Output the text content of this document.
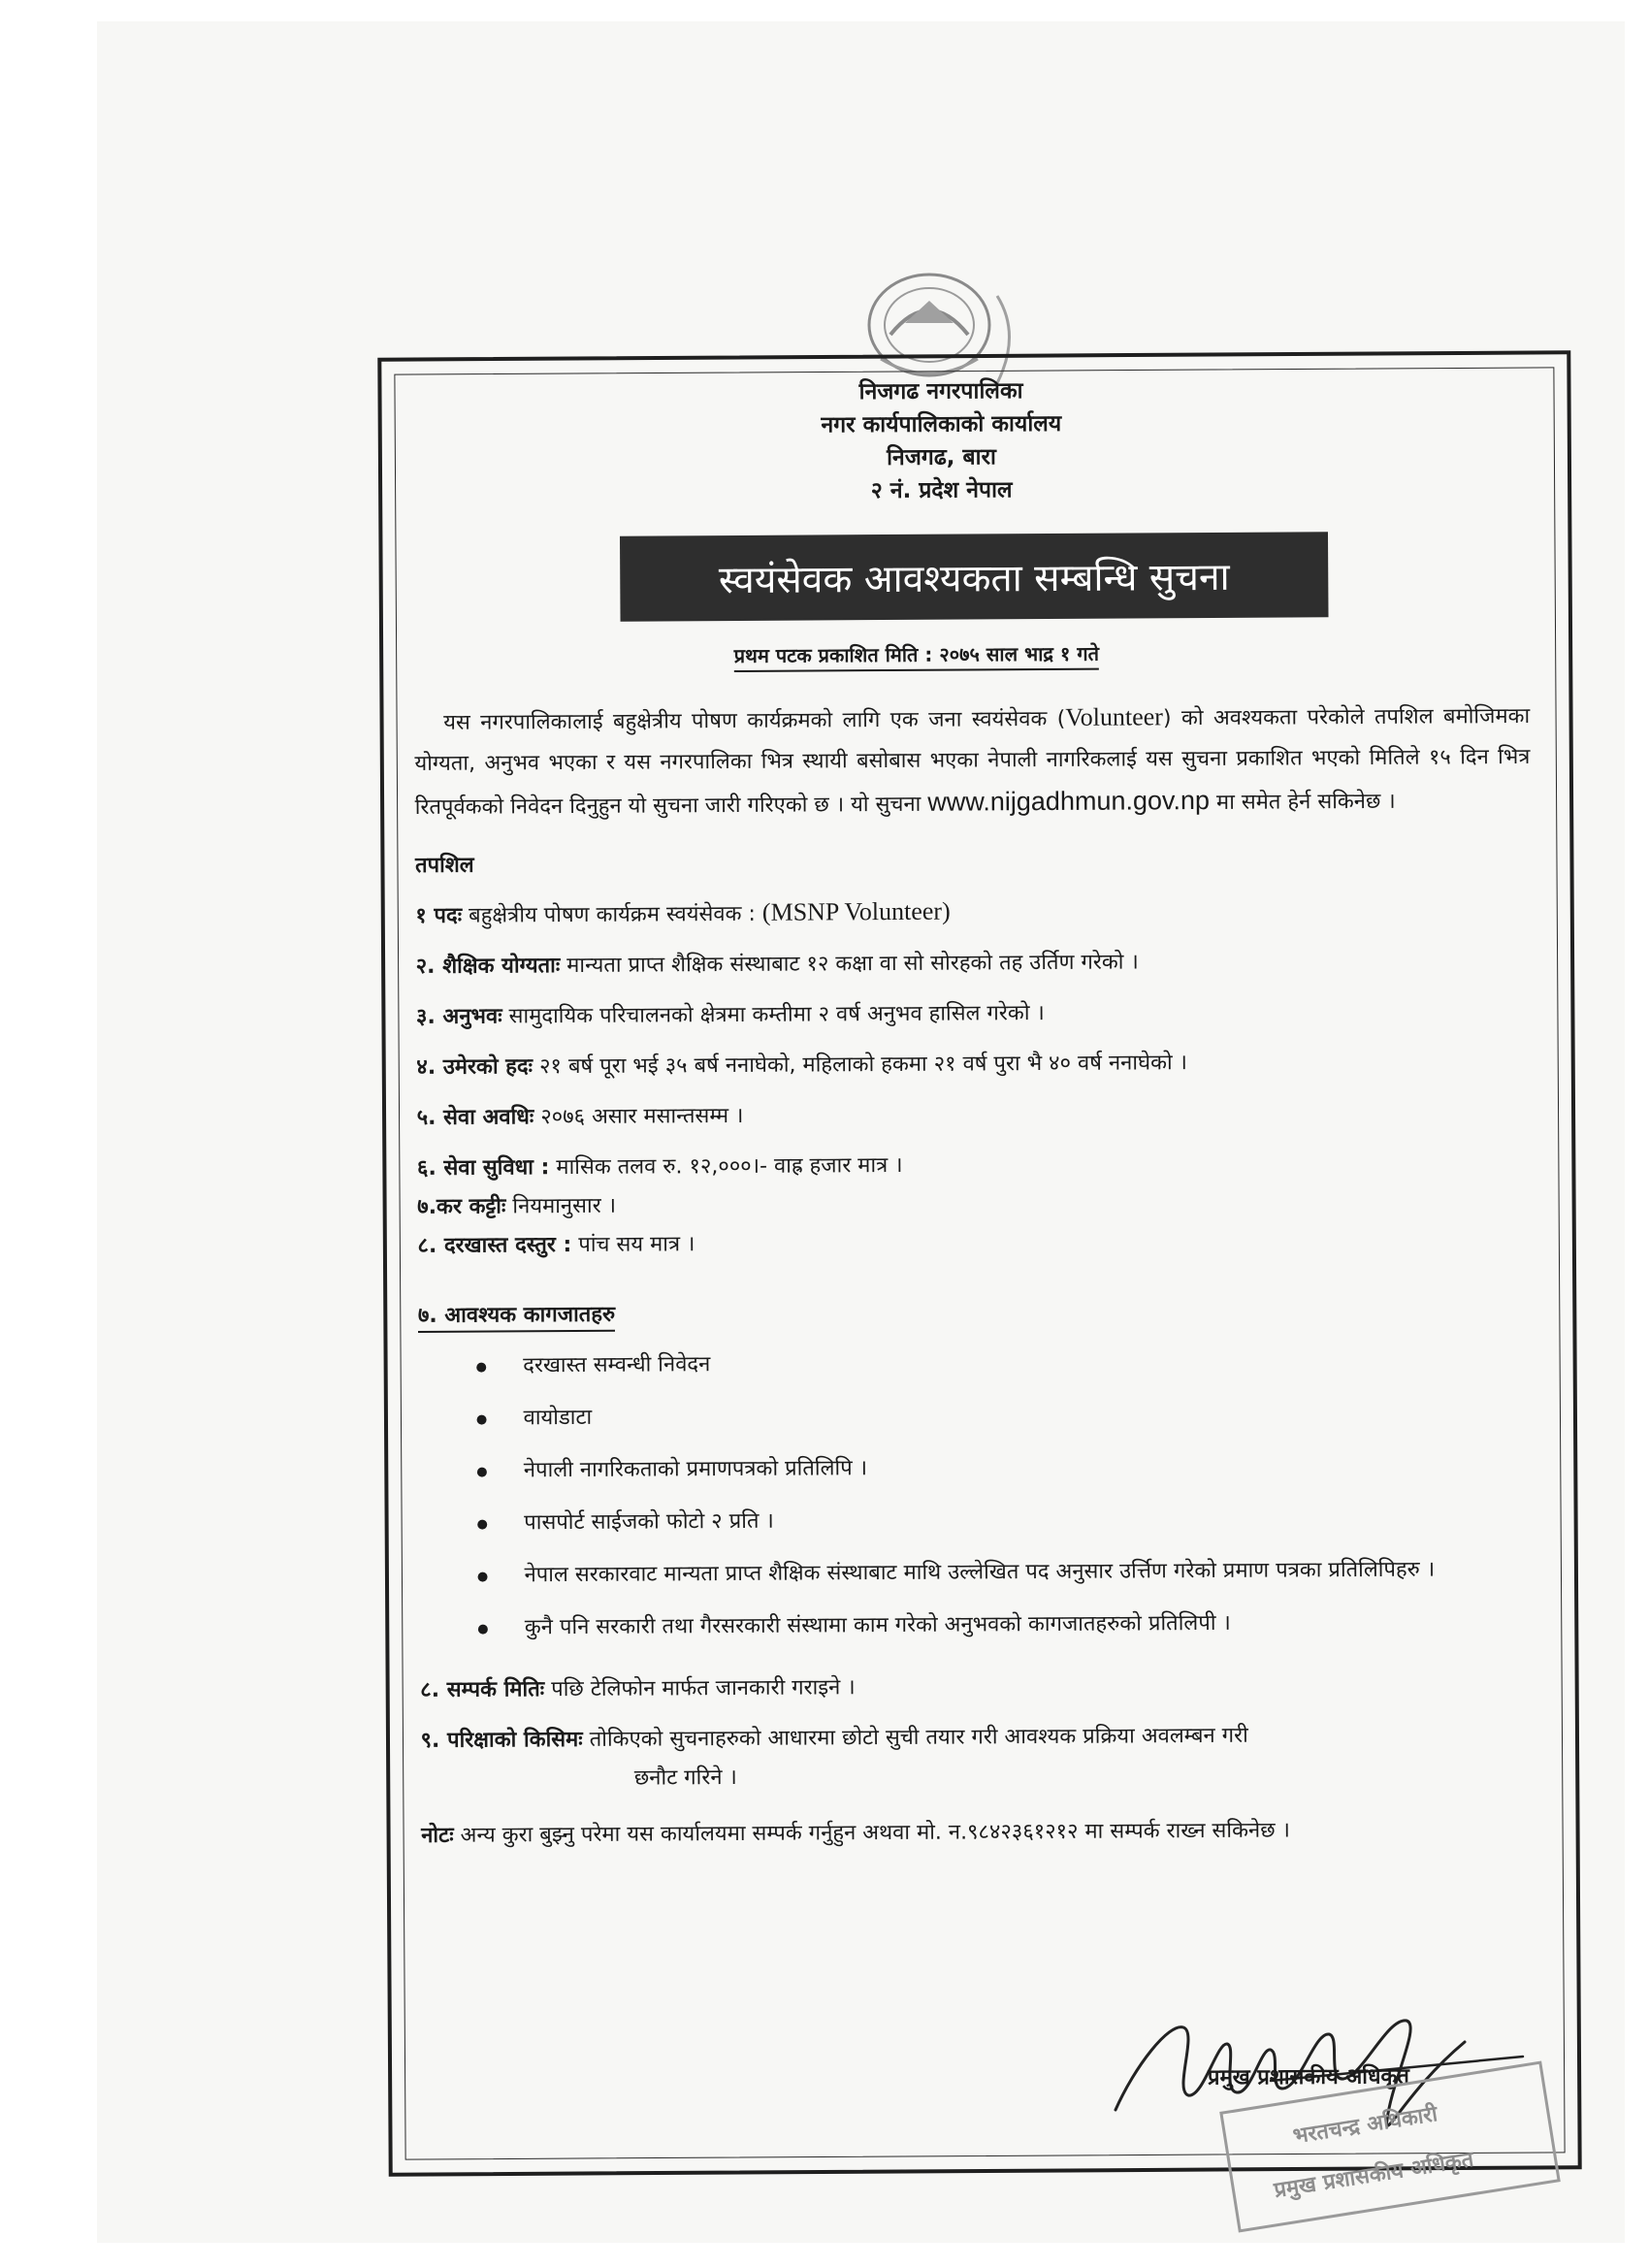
निजगढ नगरपालिका
नगर कार्यपालिकाको कार्यालय
निजगढ, बारा
२ नं. प्रदेश नेपाल
स्वयंसेवक आवश्यकता सम्बन्धि सुचना
प्रथम पटक प्रकाशित मिति : २०७५ साल भाद्र १ गते
यस नगरपालिकालाई बहुक्षेत्रीय पोषण कार्यक्रमको लागि एक जना स्वयंसेवक (Volunteer) को अवश्यकता परेकोले तपशिल बमोजिमका योग्यता, अनुभव भएका र यस नगरपालिका भित्र स्थायी बसोबास भएका नेपाली नागरिकलाई यस सुचना प्रकाशित भएको मितिले १५ दिन भित्र रितपूर्वकको निवेदन दिनुहुन यो सुचना जारी गरिएको छ । यो सुचना www.nijgadhmun.gov.np मा समेत हेर्न सकिनेछ ।
तपशिल
१ पदः बहुक्षेत्रीय पोषण कार्यक्रम स्वयंसेवक : (MSNP Volunteer)
२. शैक्षिक योग्यताः मान्यता प्राप्त शैक्षिक संस्थाबाट १२ कक्षा वा सो सोरहको तह उर्तिण गरेको ।
३. अनुभवः सामुदायिक परिचालनको क्षेत्रमा कम्तीमा २ वर्ष अनुभव हासिल गरेको ।
४. उमेरको हदः २१ बर्ष पूरा भई ३५ बर्ष ननाघेको, महिलाको हकमा २१ वर्ष पुरा भै ४० वर्ष ननाघेको ।
५. सेवा अवधिः २०७६ असार मसान्तसम्म ।
६. सेवा सुविधा : मासिक तलव रु. १२,०००।- वाह्र हजार मात्र ।
७.कर कट्टीः नियमानुसार ।
८. दरखास्त दस्तुर : पांच सय मात्र ।
७. आवश्यक कागजातहरु
दरखास्त सम्वन्धी निवेदन
वायोडाटा
नेपाली नागरिकताको प्रमाणपत्रको प्रतिलिपि ।
पासपोर्ट साईजको फोटो २ प्रति ।
नेपाल सरकारवाट मान्यता प्राप्त शैक्षिक संस्थाबाट माथि उल्लेखित पद अनुसार उर्त्तिण गरेको प्रमाण पत्रका प्रतिलिपिहरु ।
कुनै पनि सरकारी तथा गैरसरकारी संस्थामा काम गरेको अनुभवको कागजातहरुको प्रतिलिपी ।
८. सम्पर्क मितिः पछि टेलिफोन मार्फत जानकारी गराइने ।
९. परिक्षाको किसिमः तोकिएको सुचनाहरुको आधारमा छोटो सुची तयार गरी आवश्यक प्रक्रिया अवलम्बन गरी
छनौट गरिने ।
नोटः अन्य कुरा बुझ्नु परेमा यस कार्यालयमा सम्पर्क गर्नुहुन अथवा मो. न.९८४२३६१२१२ मा सम्पर्क राख्न सकिनेछ ।
प्रमुख प्रशासकीय अधिकृत
भरतचन्द्र अधिकारी
प्रमुख प्रशासकीय अधिकृत
